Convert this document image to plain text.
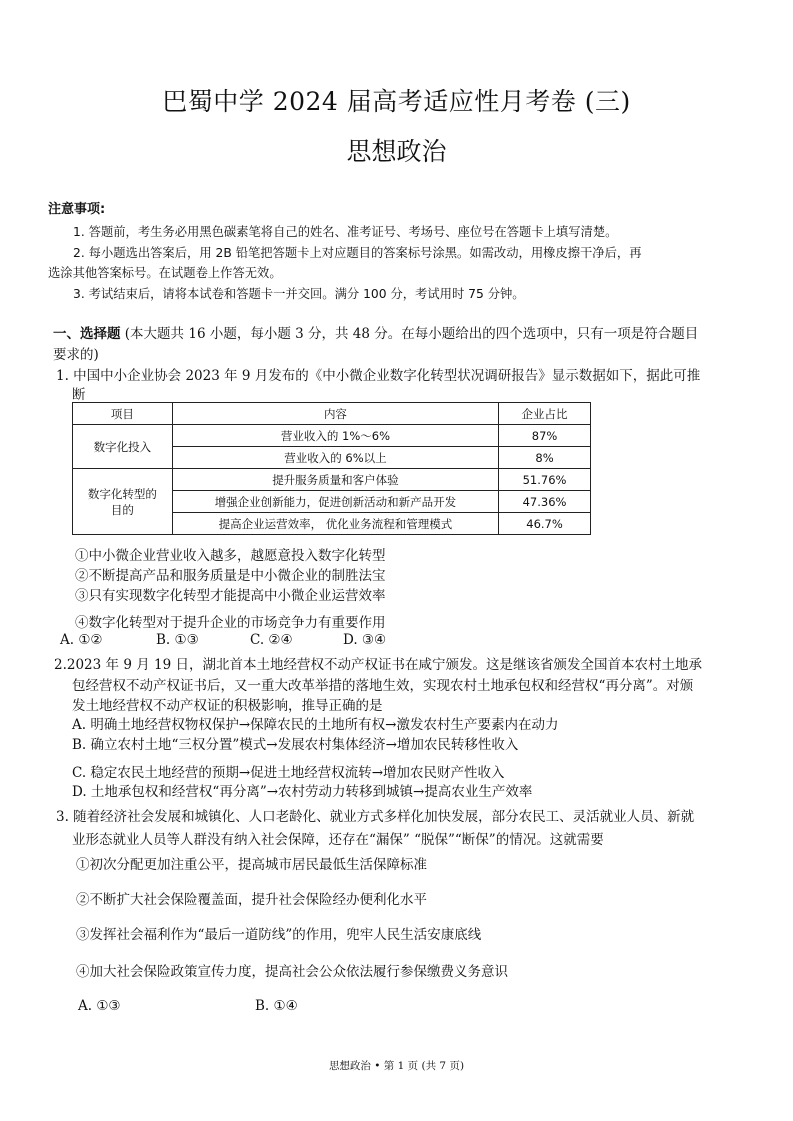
巴蜀中学 2024 届高考适应性月考卷 (三)
思想政治
注意事项:
1. 答题前，考生务必用黑色碳素笔将自己的姓名、准考证号、考场号、座位号在答题卡上填写清楚。
2. 每小题选出答案后，用 2B 铅笔把答题卡上对应题目的答案标号涂黑。如需改动，用橡皮擦干净后，再
选涂其他答案标号。在试题卷上作答无效。
3. 考试结束后，请将本试卷和答题卡一并交回。满分 100 分，考试用时 75 分钟。
一、选择题 (本大题共 16 小题，每小题 3 分，共 48 分。在每小题给出的四个选项中，只有一项是符合题目
要求的)
1. 中国中小企业协会 2023 年 9 月发布的《中小微企业数字化转型状况调研报告》显示数据如下，据此可推
断
项目	内容	企业占比
数字化投入	营业收入的 1%～6%	87%
	营业收入的 6%以上	8%

数字化转型的
目的	提升服务质量和客户体验	51.76%
	增强企业创新能力，促进创新活动和新产品开发	47.36%
	提高企业运营效率， 优化业务流程和管理模式	46.7%
①中小微企业营业收入越多，越愿意投入数字化转型
②不断提高产品和服务质量是中小微企业的制胜法宝
③只有实现数字化转型才能提高中小微企业运营效率
④数字化转型对于提升企业的市场竞争力有重要作用
A. ①②	B. ①③	C. ②④	D. ③④
2.2023 年 9 月 19 日，湖北首本土地经营权不动产权证书在咸宁颁发。这是继该省颁发全国首本农村土地承
包经营权不动产权证书后，又一重大改革举措的落地生效，实现农村土地承包权和经营权“再分离”。对颁
发土地经营权不动产权证的积极影响，推导正确的是
A. 明确土地经营权物权保护→保障农民的土地所有权→激发农村生产要素内在动力
B. 确立农村土地“三权分置”模式→发展农村集体经济→增加农民转移性收入
C. 稳定农民土地经营的预期→促进土地经营权流转→增加农民财产性收入
D. 土地承包权和经营权“再分离”→农村劳动力转移到城镇→提高农业生产效率
3. 随着经济社会发展和城镇化、人口老龄化、就业方式多样化加快发展，部分农民工、灵活就业人员、新就
业形态就业人员等人群没有纳入社会保障，还存在“漏保” “脱保”“断保”的情况。这就需要
①初次分配更加注重公平，提高城市居民最低生活保障标准
②不断扩大社会保险覆盖面，提升社会保险经办便利化水平
③发挥社会福利作为“最后一道防线”的作用，兜牢人民生活安康底线
④加大社会保险政策宣传力度，提高社会公众依法履行参保缴费义务意识
A. ①③	B. ①④
思想政治 • 第 1 页 (共 7 页)
